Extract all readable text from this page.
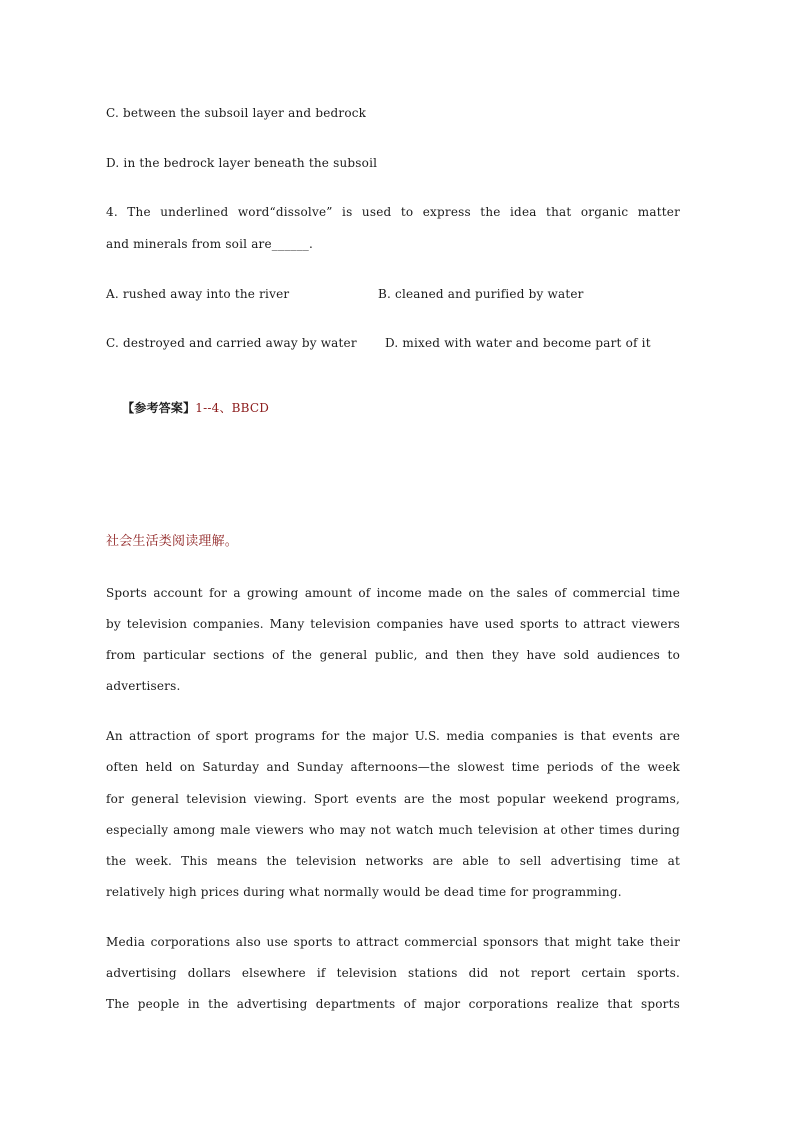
C. between the subsoil layer and bedrock
D. in the bedrock layer beneath the subsoil
4. The underlined word“dissolve” is used to express the idea that organic matter
and minerals from soil are______.
A. rushed away into the river	B. cleaned and purified by water
C. destroyed and carried away by water D. mixed with water and become part of it

【参考答案】1--4、BBCD

社会生活类阅读理解。
Sports account for a growing amount of income made on the sales of commercial time
by television companies. Many television companies have used sports to attract viewers
from particular sections of the general public, and then they have sold audiences to
advertisers.
An attraction of sport programs for the major U.S. media companies is that events are
often held on Saturday and Sunday afternoons—the slowest time periods of the week
for general television viewing. Sport events are the most popular weekend programs,
especially among male viewers who may not watch much television at other times during
the week. This means the television networks are able to sell advertising time at
relatively high prices during what normally would be dead time for programming.
Media corporations also use sports to attract commercial sponsors that might take their
advertising dollars elsewhere if television stations did not report certain sports.
The people in the advertising departments of major corporations realize that sports
